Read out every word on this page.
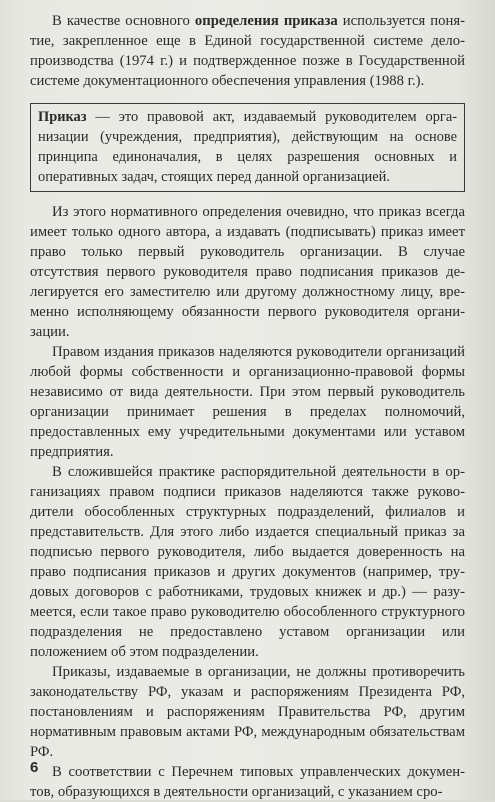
В качестве основного определения приказа используется понятие, закрепленное еще в Единой государственной системе делопроизводства (1974 г.) и подтвержденное позже в Государственной системе документационного обеспечения управления (1988 г.).

Приказ — это правовой акт, издаваемый руководителем организации (учреждения, предприятия), действующим на основе принципа единоначалия, в целях разрешения основных и оперативных задач, стоящих перед данной организацией.

Из этого нормативного определения очевидно, что приказ всегда имеет только одного автора, а издавать (подписывать) приказ имеет право только первый руководитель организации. В случае отсутствия первого руководителя право подписания приказов делегируется его заместителю или другому должностному лицу, временно исполняющему обязанности первого руководителя организации.

Правом издания приказов наделяются руководители организаций любой формы собственности и организационно-правовой формы независимо от вида деятельности. При этом первый руководитель организации принимает решения в пределах полномочий, предоставленных ему учредительными документами или уставом предприятия.

В сложившейся практике распорядительной деятельности в организациях правом подписи приказов наделяются также руководители обособленных структурных подразделений, филиалов и представительств. Для этого либо издается специальный приказ за подписью первого руководителя, либо выдается доверенность на право подписания приказов и других документов (например, трудовых договоров с работниками, трудовых книжек и др.) — разумеется, если такое право руководителю обособленного структурного подразделения не предоставлено уставом организации или положением об этом подразделении.

Приказы, издаваемые в организации, не должны противоречить законодательству РФ, указам и распоряжениям Президента РФ, постановлениям и распоряжениям Правительства РФ, другим нормативным правовым актами РФ, международным обязательствам РФ.

В соответствии с Перечнем типовых управленческих документов, образующихся в деятельности организаций, с указанием сро-

6
